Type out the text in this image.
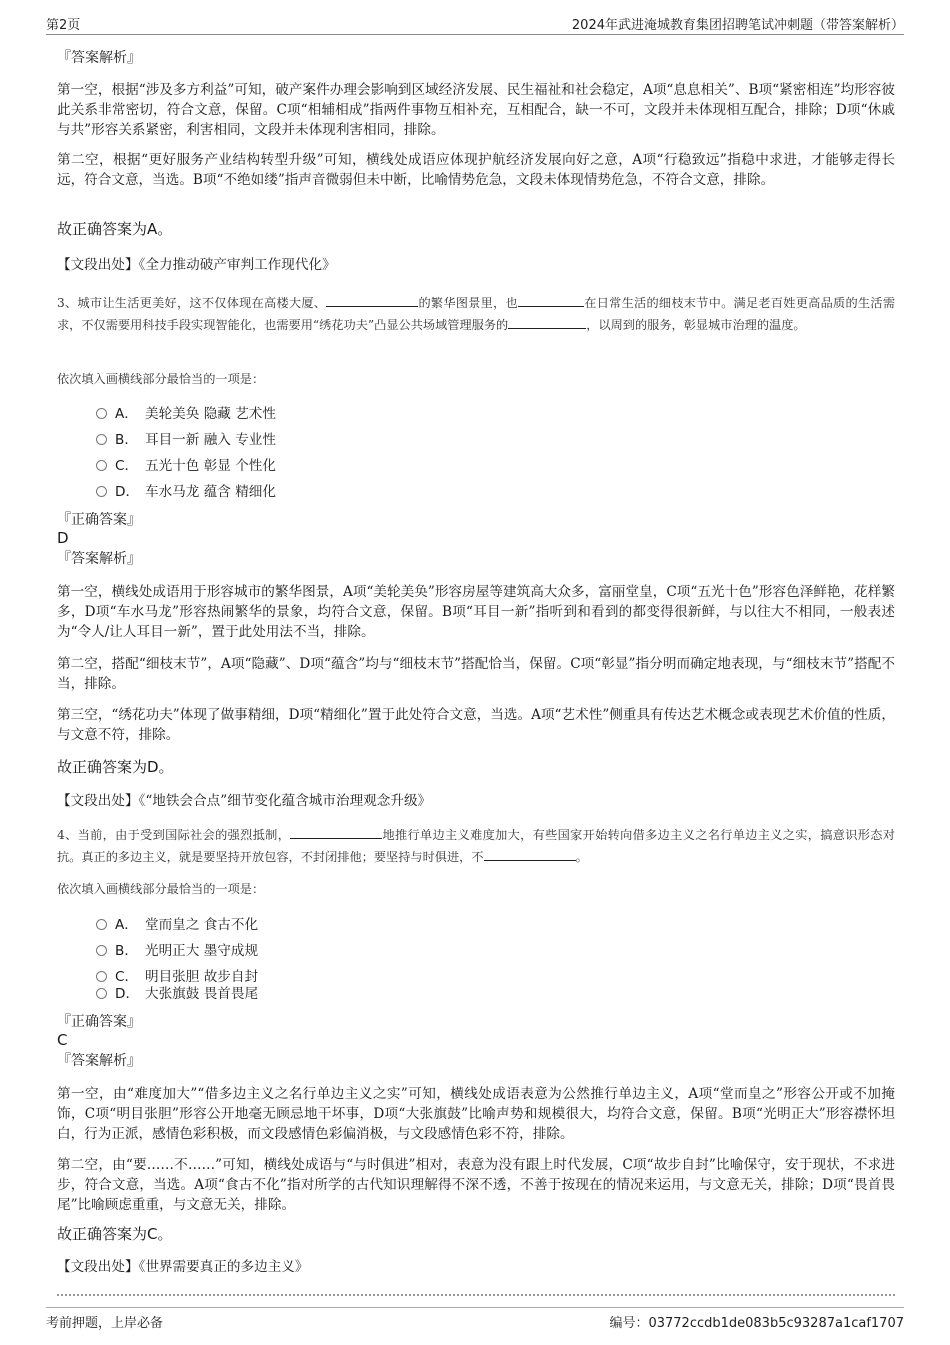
第2页	2024年武进淹城教育集团招聘笔试冲刺题（带答案解析）
『答案解析』
第一空，根据“涉及多方利益”可知，破产案件办理会影响到区域经济发展、民生福祉和社会稳定，A项“息息相关”、B项“紧密相连”均形容彼此关系非常密切，符合文意，保留。C项“相辅相成”指两件事物互相补充，互相配合，缺一不可，文段并未体现相互配合，排除；D项“休戚与共”形容关系紧密，利害相同，文段并未体现利害相同，排除。
第二空，根据“更好服务产业结构转型升级”可知，横线处成语应体现护航经济发展向好之意，A项“行稳致远”指稳中求进，才能够走得长远，符合文意，当选。B项“不绝如缕”指声音微弱但未中断，比喻情势危急，文段未体现情势危急，不符合文意，排除。
故正确答案为A。
【文段出处】《全力推动破产审判工作现代化》
3、城市让生活更美好，这不仅体现在高楼大厦、	的繁华图景里，也	在日常生活的细枝末节中。满足老百姓更高品质的生活需求，不仅需要用科技手段实现智能化，也需要用“绣花功夫”凸显公共场域管理服务的	，以周到的服务，彰显城市治理的温度。
依次填入画横线部分最恰当的一项是：
A． 美轮美奂 隐藏 艺术性
B． 耳目一新 融入 专业性
C． 五光十色 彰显 个性化
D． 车水马龙 蕴含 精细化
『正确答案』
D
『答案解析』
第一空，横线处成语用于形容城市的繁华图景，A项“美轮美奂”形容房屋等建筑高大众多，富丽堂皇，C项“五光十色”形容色泽鲜艳，花样繁多，D项“车水马龙”形容热闹繁华的景象，均符合文意，保留。B项“耳目一新”指听到和看到的都变得很新鲜，与以往大不相同，一般表述为“令人/让人耳目一新”，置于此处用法不当，排除。
第二空，搭配“细枝末节”，A项“隐藏”、D项“蕴含”均与“细枝末节”搭配恰当，保留。C项“彰显”指分明而确定地表现，与“细枝末节”搭配不当，排除。
第三空，“绣花功夫”体现了做事精细，D项“精细化”置于此处符合文意，当选。A项“艺术性”侧重具有传达艺术概念或表现艺术价值的性质，与文意不符，排除。
故正确答案为D。
【文段出处】《“地铁会合点”细节变化蕴含城市治理观念升级》
4、当前，由于受到国际社会的强烈抵制，	地推行单边主义难度加大，有些国家开始转向借多边主义之名行单边主义之实，搞意识形态对抗。真正的多边主义，就是要坚持开放包容，不封闭排他；要坚持与时俱进，不	。
依次填入画横线部分最恰当的一项是：
A． 堂而皇之 食古不化
B． 光明正大 墨守成规
C． 明目张胆 故步自封
D． 大张旗鼓 畏首畏尾
『正确答案』
C
『答案解析』
第一空，由“难度加大”“借多边主义之名行单边主义之实”可知，横线处成语表意为公然推行单边主义，A项“堂而皇之”形容公开或不加掩饰，C项“明目张胆”形容公开地毫无顾忌地干坏事，D项“大张旗鼓”比喻声势和规模很大，均符合文意，保留。B项“光明正大”形容襟怀坦白，行为正派，感情色彩积极，而文段感情色彩偏消极，与文段感情色彩不符，排除。
第二空，由“要……不……”可知，横线处成语与“与时俱进”相对，表意为没有跟上时代发展，C项“故步自封”比喻保守，安于现状，不求进步，符合文意，当选。A项“食古不化”指对所学的古代知识理解得不深不透，不善于按现在的情况来运用，与文意无关，排除；D项“畏首畏尾”比喻顾虑重重，与文意无关，排除。
故正确答案为C。
【文段出处】《世界需要真正的多边主义》
考前押题，上岸必备	编号：03772ccdb1de083b5c93287a1caf1707
